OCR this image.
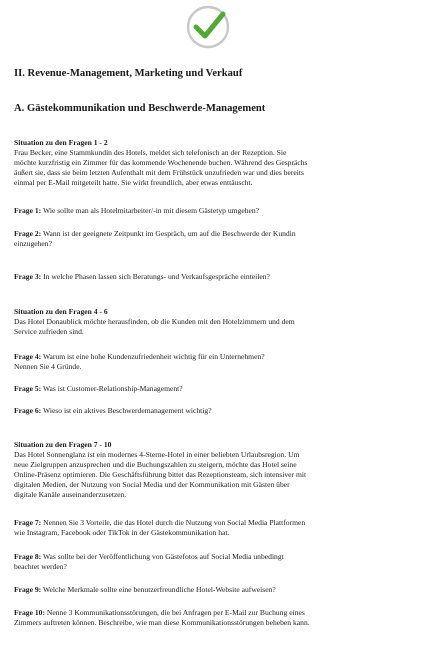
II. Revenue-Management, Marketing und Verkauf
A. Gästekommunikation und Beschwerde-Management
Situation zu den Fragen 1 - 2
Frau Becker, eine Stammkundin des Hotels, meldet sich telefonisch an der Rezeption. Sie
möchte kurzfristig ein Zimmer für das kommende Wochenende buchen. Während des Gesprächs
äußert sie, dass sie beim letzten Aufenthalt mit dem Frühstück unzufrieden war und dies bereits
einmal per E-Mail mitgeteilt hatte. Sie wirkt freundlich, aber etwas enttäuscht.
Frage 1: Wie sollte man als Hotelmitarbeiter/-in mit diesem Gästetyp umgehen?
Frage 2: Wann ist der geeignete Zeitpunkt im Gespräch, um auf die Beschwerde der Kundin
einzugehen?
Frage 3: In welche Phasen lassen sich Beratungs- und Verkaufsgespräche einteilen?
Situation zu den Fragen 4 - 6
Das Hotel Donaublick möchte herausfinden, ob die Kunden mit den Hotelzimmern und dem
Service zufrieden sind.
Frage 4: Warum ist eine hohe Kundenzufriedenheit wichtig für ein Unternehmen?
Nennen Sie 4 Gründe.
Frage 5: Was ist Customer-Relationship-Management?
Frage 6: Wieso ist ein aktives Beschwerdemanagement wichtig?
Situation zu den Fragen 7 - 10
Das Hotel Sonnenglanz ist ein modernes 4-Sterne-Hotel in einer beliebten Urlaubsregion. Um
neue Zielgruppen anzusprechen und die Buchungszahlen zu steigern, möchte das Hotel seine
Online-Präsenz optimieren. Die Geschäftsführung bittet das Rezeptionsteam, sich intensiver mit
digitalen Medien, der Nutzung von Social Media und der Kommunikation mit Gästen über
digitale Kanäle auseinanderzusetzen.
Frage 7: Nennen Sie 3 Vorteile, die das Hotel durch die Nutzung von Social Media Plattformen
wie Instagram, Facebook oder TikTok in der Gästekommunikation hat.
Frage 8: Was sollte bei der Veröffentlichung von Gästefotos auf Social Media unbedingt
beachtet werden?
Frage 9: Welche Merkmale sollte eine benutzerfreundliche Hotel-Website aufweisen?
Frage 10: Nenne 3 Kommunikationsstörungen, die bei Anfragen per E-Mail zur Buchung eines
Zimmers auftreten können. Beschreibe, wie man diese Kommunikationsstörungen beheben kann.
